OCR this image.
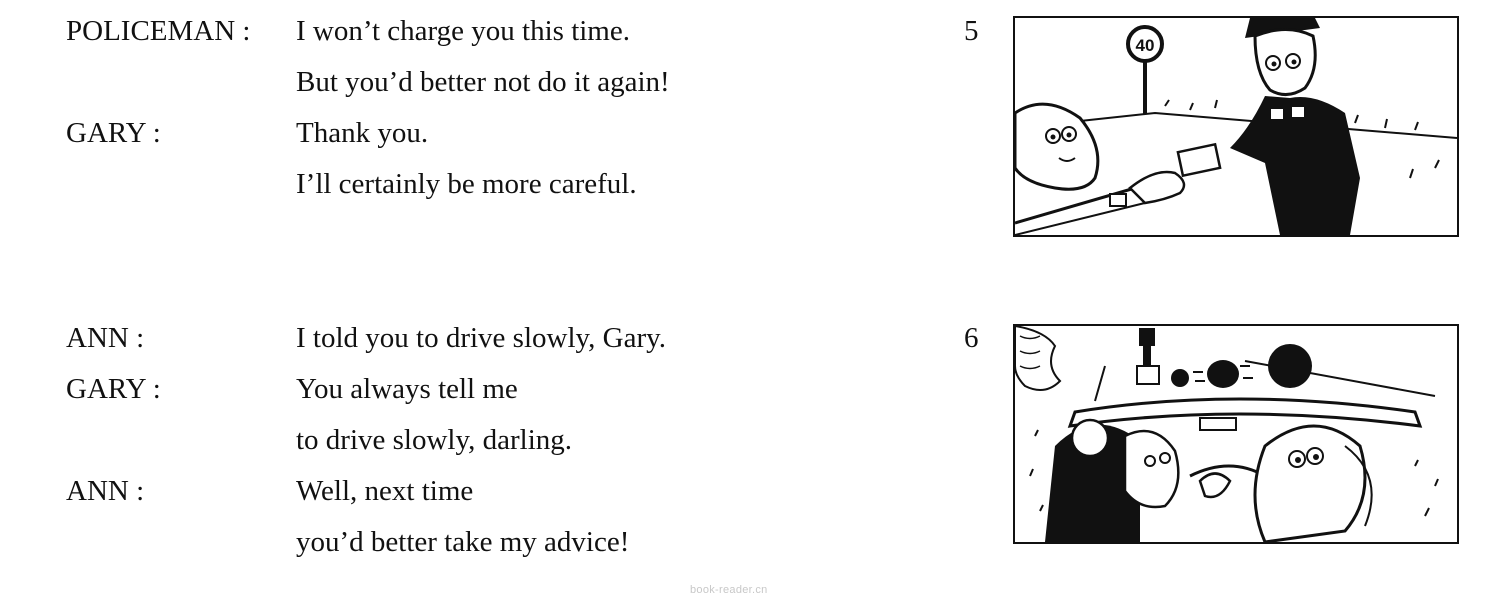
POLICEMAN : I won’t charge you this time.
But you’d better not do it again!
GARY :	Thank you.
I’ll certainly be more careful.
ANN :	I told you to drive slowly, Gary.
GARY :	You always tell me
to drive slowly, darling.
ANN :	Well, next time
you’d better take my advice!
5	40
6
book-reader.cn
